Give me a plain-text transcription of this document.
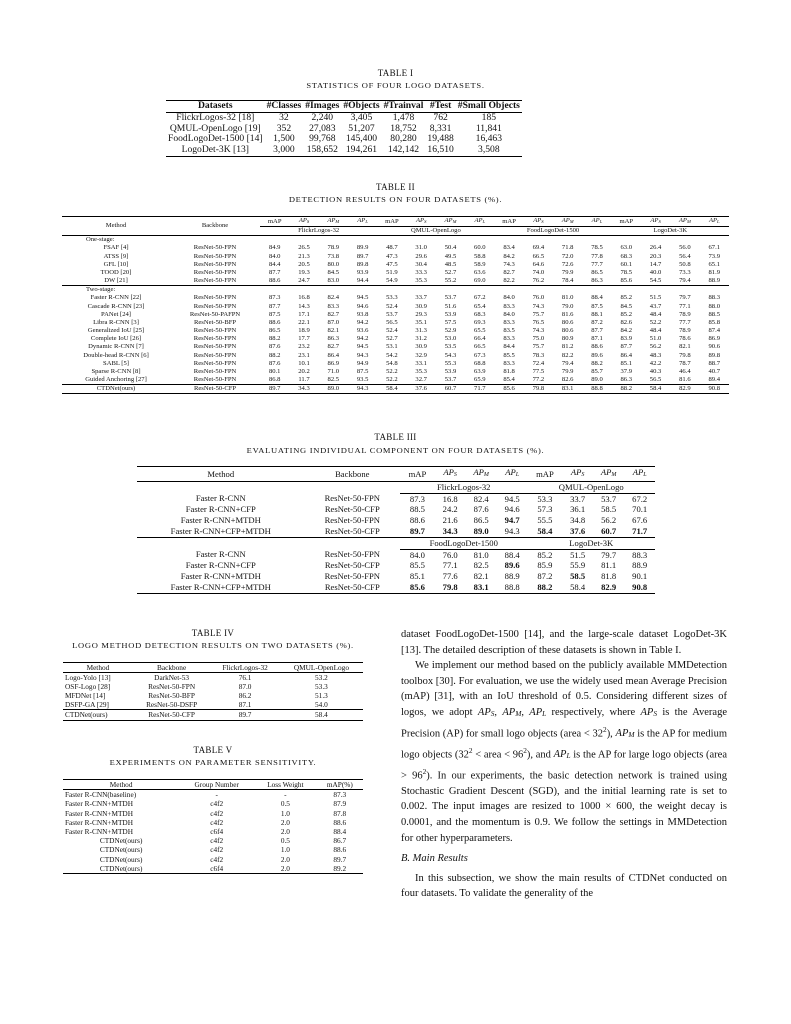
TABLE I
STATISTICS OF FOUR LOGO DATASETS.
Datasets	#Classes	#Images	#Objects	#Trainval	#Test	#Small Objects
FlickrLogos-32 [18]	32	2,240	3,405	1,478	762	185
QMUL-OpenLogo [19]	352	27,083	51,207	18,752	8,331	11,841
FoodLogoDet-1500 [14]	1,500	99,768	145,400	80,280	19,488	16,463
LogoDet-3K [13]	3,000	158,652	194,261	142,142	16,510	3,508
TABLE II
DETECTION RESULTS ON FOUR DATASETS (%).
Method	Backbone	mAP	$AP_S$	$AP_M$	$AP_L$	mAP	$AP_S$	$AP_M$	$AP_L$	mAP	$AP_S$	$AP_M$	$AP_L$	mAP	$AP_S$	$AP_M$	$AP_L$
		FlickrLogos-32				QMUL-OpenLogo				FoodLogoDet-1500				LogoDet-3K			
One-stage:																	
FSAF [4]	ResNet-50-FPN	84.9	26.5	78.9	89.9	48.7	31.0	50.4	60.0	83.4	69.4	71.8	78.5	63.0	26.4	56.0	67.1
ATSS [9]	ResNet-50-FPN	84.0	21.3	73.8	89.7	47.3	29.6	49.5	58.8	84.2	66.5	72.0	77.8	68.3	20.3	56.4	73.9
GFL [10]	ResNet-50-FPN	84.4	20.5	80.0	89.8	47.5	30.4	48.5	58.9	74.3	64.6	72.6	77.7	60.1	14.7	50.8	65.1
TOOD [20]	ResNet-50-FPN	87.7	19.3	84.5	93.9	51.9	33.3	52.7	63.6	82.7	74.0	79.9	86.5	78.5	40.0	73.3	81.9
DW [21]	ResNet-50-FPN	88.6	24.7	83.0	94.4	54.9	35.3	55.2	69.0	82.2	76.2	78.4	86.3	85.6	54.5	79.4	88.9
Two-stage:																	
Faster R-CNN [22]	ResNet-50-FPN	87.3	16.8	82.4	94.5	53.3	33.7	53.7	67.2	84.0	76.0	81.0	88.4	85.2	51.5	79.7	88.3
Cascade R-CNN [23]	ResNet-50-FPN	87.7	14.3	83.3	94.6	52.4	30.9	51.6	65.4	83.3	74.3	79.0	87.5	84.5	43.7	77.1	88.0
PANet [24]	ResNet-50-PAFPN	87.5	17.1	82.7	93.8	53.7	29.3	53.9	68.3	84.0	75.7	81.6	88.1	85.2	48.4	78.9	88.5
Libra R-CNN [3]	ResNet-50-BFP	88.6	22.1	87.0	94.2	56.5	35.1	57.5	69.3	83.3	76.5	80.6	87.2	82.6	52.2	77.7	85.8
Generalized IoU [25]	ResNet-50-FPN	86.5	18.9	82.1	93.6	52.4	31.3	52.9	65.5	83.5	74.3	80.6	87.7	84.2	48.4	78.9	87.4
Complete IoU [26]	ResNet-50-FPN	88.2	17.7	86.3	94.2	52.7	31.2	53.0	66.4	83.3	75.0	80.9	87.1	83.9	51.0	78.6	86.9
Dynamic R-CNN [7]	ResNet-50-FPN	87.6	23.2	82.7	94.5	53.1	30.9	53.5	66.5	84.4	75.7	81.2	88.6	87.7	56.2	82.1	90.6
Double-head R-CNN [6]	ResNet-50-FPN	88.2	23.1	86.4	94.3	54.2	32.9	54.3	67.3	85.5	78.3	82.2	89.6	86.4	48.3	79.8	89.8
SABL [5]	ResNet-50-FPN	87.6	10.1	86.9	94.9	54.8	33.1	55.3	68.8	83.3	72.4	79.4	88.2	85.1	42.2	78.7	88.7
Sparse R-CNN [8]	ResNet-50-FPN	80.1	20.2	71.0	87.5	52.2	35.3	53.9	63.9	81.8	77.5	79.9	85.7	37.9	40.3	46.4	40.7
Guided Anchoring [27]	ResNet-50-FPN	86.8	11.7	82.5	93.5	52.2	32.7	53.7	65.9	85.4	77.2	82.6	89.0	86.3	56.5	81.6	89.4
CTDNet(ours)	ResNet-50-CFP	89.7	34.3	89.0	94.3	58.4	37.6	60.7	71.7	85.6	79.8	83.1	88.8	88.2	58.4	82.9	90.8
TABLE III
EVALUATING INDIVIDUAL COMPONENT ON FOUR DATASETS (%).
Method	Backbone	mAP	$AP_S$	$AP_M$	$AP_L$	mAP	$AP_S$	$AP_M$	$AP_L$
		FlickrLogos-32				QMUL-OpenLogo			
Faster R-CNN	ResNet-50-FPN	87.3	16.8	82.4	94.5	53.3	33.7	53.7	67.2
Faster R-CNN+CFP	ResNet-50-CFP	88.5	24.2	87.6	94.6	57.3	36.1	58.5	70.1
Faster R-CNN+MTDH	ResNet-50-FPN	88.6	21.6	86.5	94.7	55.5	34.8	56.2	67.6
Faster R-CNN+CFP+MTDH	ResNet-50-CFP	89.7	34.3	89.0	94.3	58.4	37.6	60.7	71.7
		FoodLogoDet-1500				LogoDet-3K			
Faster R-CNN	ResNet-50-FPN	84.0	76.0	81.0	88.4	85.2	51.5	79.7	88.3
Faster R-CNN+CFP	ResNet-50-CFP	85.5	77.1	82.5	89.6	85.9	55.9	81.1	88.9
Faster R-CNN+MTDH	ResNet-50-FPN	85.1	77.6	82.1	88.9	87.2	58.5	81.8	90.1
Faster R-CNN+CFP+MTDH	ResNet-50-CFP	85.6	79.8	83.1	88.8	88.2	58.4	82.9	90.8
TABLE IV
LOGO METHOD DETECTION RESULTS ON TWO DATASETS (%).
Method	Backbone	FlickrLogos-32	QMUL-OpenLogo
Logo-Yolo [13]	DarkNet-53	76.1	53.2
OSF-Logo [28]	ResNet-50-FPN	87.0	53.3
MFDNet [14]	ResNet-50-BFP	86.2	51.3
DSFP-GA [29]	ResNet-50-DSFP	87.1	54.0
CTDNet(ours)	ResNet-50-CFP	89.7	58.4
TABLE V
EXPERIMENTS ON PARAMETER SENSITIVITY.
Method	Group Number	Loss Weight	mAP(%)
Faster R-CNN(baseline)	-	-	87.3
Faster R-CNN+MTDH	c4f2	0.5	87.9
Faster R-CNN+MTDH	c4f2	1.0	87.8
Faster R-CNN+MTDH	c4f2	2.0	88.6
Faster R-CNN+MTDH	c6f4	2.0	88.4
CTDNet(ours)	c4f2	0.5	86.7
CTDNet(ours)	c4f2	1.0	88.6
CTDNet(ours)	c4f2	2.0	89.7
CTDNet(ours)	c6f4	2.0	89.2

dataset FoodLogoDet-1500 [14], and the large-scale dataset LogoDet-3K [13]. The detailed description of these datasets is shown in Table I.

We implement our method based on the publicly available MMDetection toolbox [30]. For evaluation, we use the widely used mean Average Precision (mAP) [31], with an IoU threshold of 0.5. Considering different sizes of logos, we adopt $AP_S$, $AP_M$, $AP_L$ respectively, where $AP_S$ is the Average Precision (AP) for small logo objects (area < $32^2$), $AP_M$ is the AP for medium logo objects ($32^2$ < area < $96^2$), and $AP_L$ is the AP for large logo objects (area > $96^2$). In our experiments, the basic detection network is trained using Stochastic Gradient Descent (SGD), and the initial learning rate is set to 0.002. The input images are resized to 1000 × 600, the weight decay is 0.0001, and the momentum is 0.9. We follow the settings in MMDetection for other hyperparameters.

B. Main Results

In this subsection, we show the main results of CTDNet conducted on four datasets. To validate the generality of the
